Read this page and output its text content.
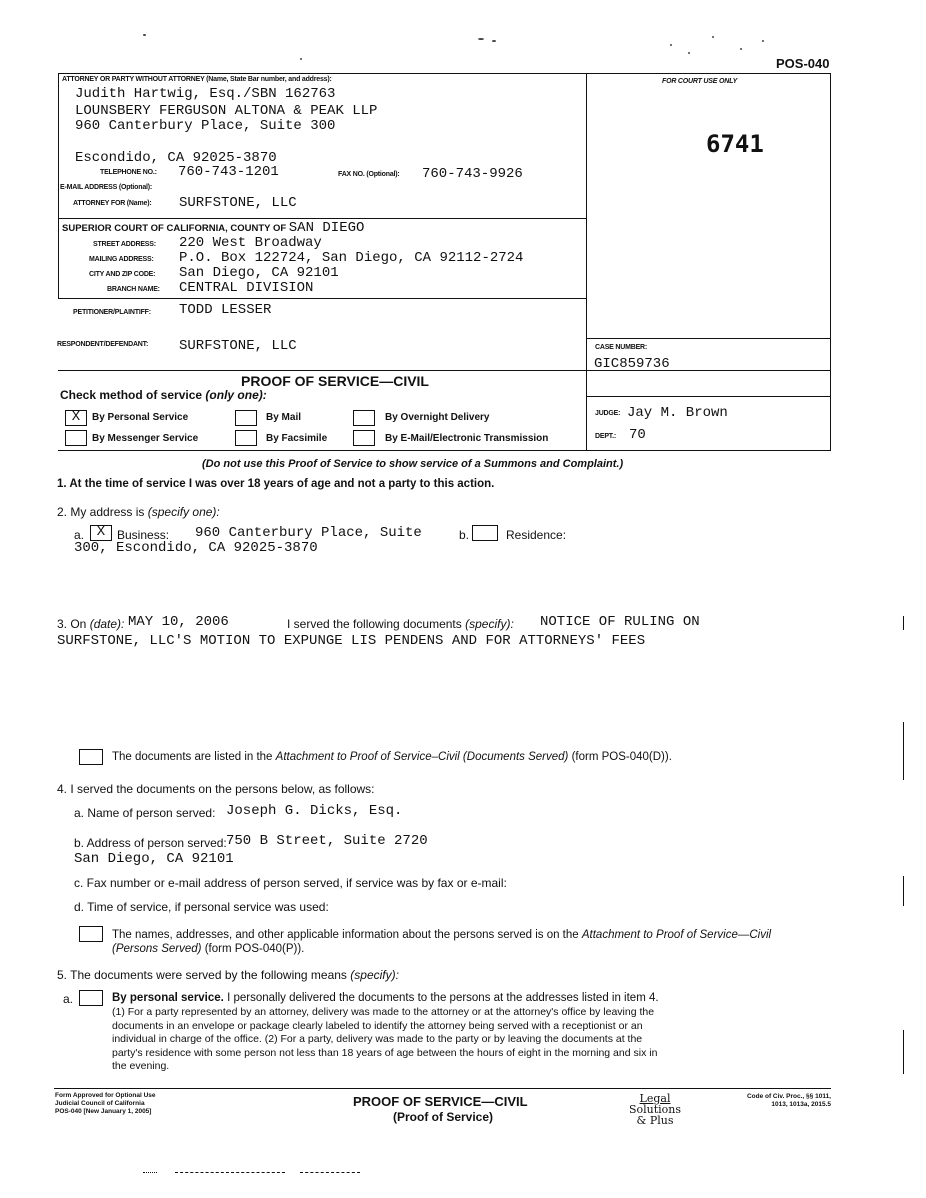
POS-040
ATTORNEY OR PARTY WITHOUT ATTORNEY (Name, State Bar number, and address):
Judith Hartwig, Esq./SBN 162763
LOUNSBERY FERGUSON ALTONA & PEAK LLP
960 Canterbury Place, Suite 300
Escondido, CA 92025-3870
TELEPHONE NO.: 760-743-1201	FAX NO. (Optional): 760-743-9926
E-MAIL ADDRESS (Optional):
ATTORNEY FOR (Name): SURFSTONE, LLC
FOR COURT USE ONLY
6741
SUPERIOR COURT OF CALIFORNIA, COUNTY OF SAN DIEGO
STREET ADDRESS: 220 West Broadway
MAILING ADDRESS: P.O. Box 122724, San Diego, CA 92112-2724
CITY AND ZIP CODE: San Diego, CA 92101
BRANCH NAME: CENTRAL DIVISION
PETITIONER/PLAINTIFF: TODD LESSER
RESPONDENT/DEFENDANT: SURFSTONE, LLC	CASE NUMBER:
GIC859736
JUDGE: Jay M. Brown
DEPT.: 70
PROOF OF SERVICE—CIVIL
Check method of service (only one):
X	By Personal Service	By Mail	By Overnight Delivery
By Messenger Service	By Facsimile	By E-Mail/Electronic Transmission
(Do not use this Proof of Service to show service of a Summons and Complaint.)
1. At the time of service I was over 18 years of age and not a party to this action.
2. My address is (specify one):
a. X Business: 960 Canterbury Place, Suite
300, Escondido, CA 92025-3870
b.	Residence:
3. On (date): MAY 10, 2006	I served the following documents (specify): NOTICE OF RULING ON
SURFSTONE, LLC'S MOTION TO EXPUNGE LIS PENDENS AND FOR ATTORNEYS' FEES
The documents are listed in the Attachment to Proof of Service–Civil (Documents Served) (form POS-040(D)).
4. I served the documents on the persons below, as follows:
a. Name of person served: Joseph G. Dicks, Esq.
b. Address of person served: 750 B Street, Suite 2720
San Diego, CA 92101
c. Fax number or e-mail address of person served, if service was by fax or e-mail:
d. Time of service, if personal service was used:
The names, addresses, and other applicable information about the persons served is on the Attachment to Proof of Service—Civil (Persons Served) (form POS-040(P)).
5. The documents were served by the following means (specify):
a.	By personal service. I personally delivered the documents to the persons at the addresses listed in item 4.
(1) For a party represented by an attorney, delivery was made to the attorney or at the attorney's office by leaving the
documents in an envelope or package clearly labeled to identify the attorney being served with a receptionist or an
individual in charge of the office. (2) For a party, delivery was made to the party or by leaving the documents at the
party's residence with some person not less than 18 years of age between the hours of eight in the morning and six in
the evening.
Form Approved for Optional Use
Judicial Council of California
POS-040 [New January 1, 2005]
PROOF OF SERVICE—CIVIL
(Proof of Service)
Legal
Solutions
& Plus
Code of Civ. Proc., §§ 1011,
1013, 1013a, 2015.5
